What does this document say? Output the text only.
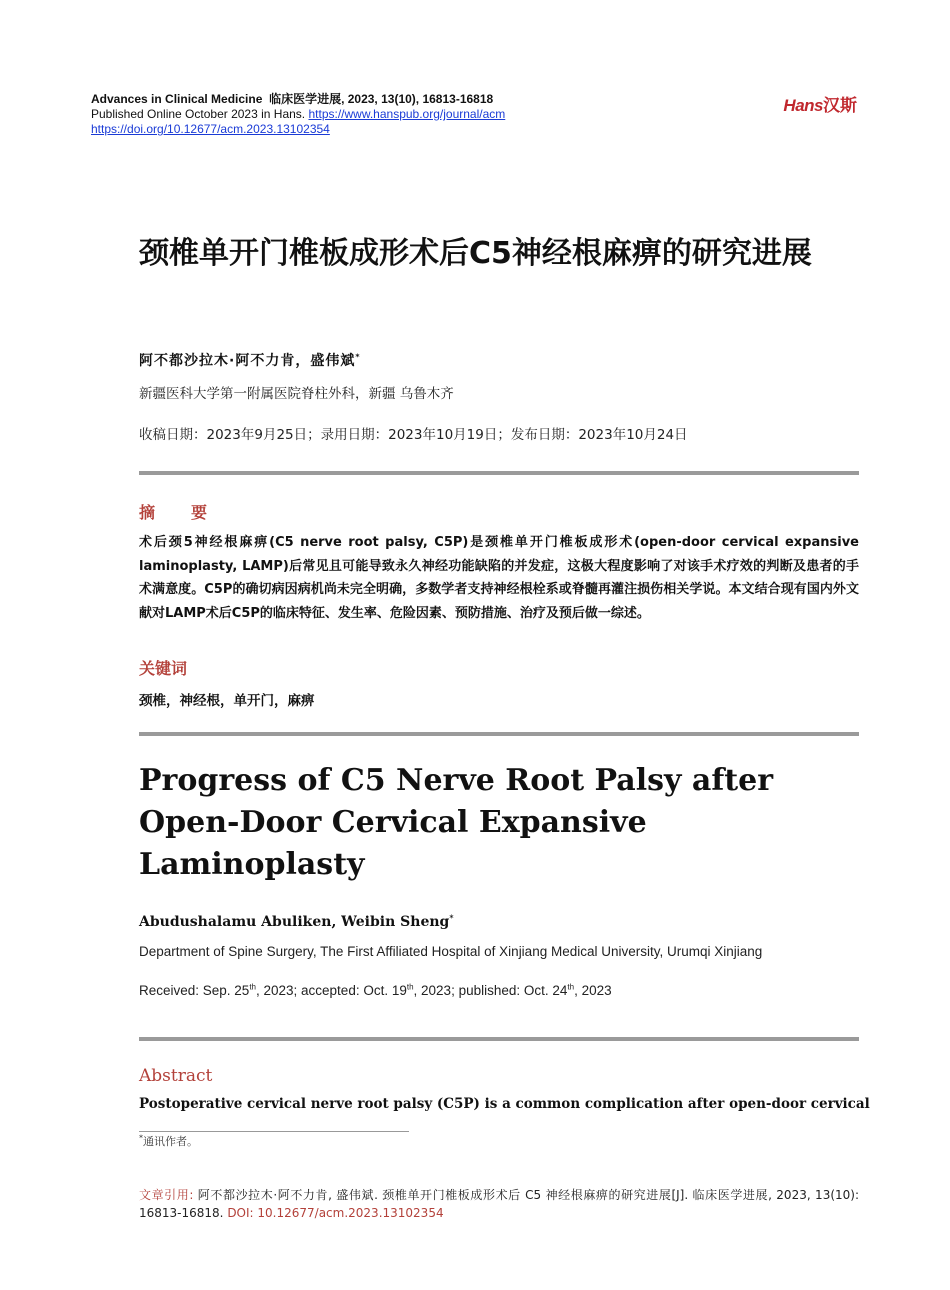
Advances in Clinical Medicine 临床医学进展, 2023, 13(10), 16813-16818
Published Online October 2023 in Hans. https://www.hanspub.org/journal/acm
https://doi.org/10.12677/acm.2023.13102354
Hans汉斯
颈椎单开门椎板成形术后C5神经根麻痹的研究进展
阿不都沙拉木·阿不力肯，盛伟斌*
新疆医科大学第一附属医院脊柱外科，新疆 乌鲁木齐
收稿日期：2023年9月25日；录用日期：2023年10月19日；发布日期：2023年10月24日
摘　要
术后颈5神经根麻痹(C5 nerve root palsy, C5P)是颈椎单开门椎板成形术(open-door cervical expansive laminoplasty, LAMP)后常见且可能导致永久神经功能缺陷的并发症，这极大程度影响了对该手术疗效的判断及患者的手术满意度。C5P的确切病因病机尚未完全明确，多数学者支持神经根栓系或脊髓再灌注损伤相关学说。本文结合现有国内外文献对LAMP术后C5P的临床特征、发生率、危险因素、预防措施、治疗及预后做一综述。
关键词
颈椎，神经根，单开门，麻痹
Progress of C5 Nerve Root Palsy after Open-Door Cervical Expansive Laminoplasty
Abudushalamu Abuliken, Weibin Sheng*
Department of Spine Surgery, The First Affiliated Hospital of Xinjiang Medical University, Urumqi Xinjiang
Received: Sep. 25th, 2023; accepted: Oct. 19th, 2023; published: Oct. 24th, 2023
Abstract
Postoperative cervical nerve root palsy (C5P) is a common complication after open-door cervical
*通讯作者。
文章引用: 阿不都沙拉木·阿不力肯, 盛伟斌. 颈椎单开门椎板成形术后 C5 神经根麻痹的研究进展[J]. 临床医学进展, 2023, 13(10): 16813-16818. DOI: 10.12677/acm.2023.13102354
